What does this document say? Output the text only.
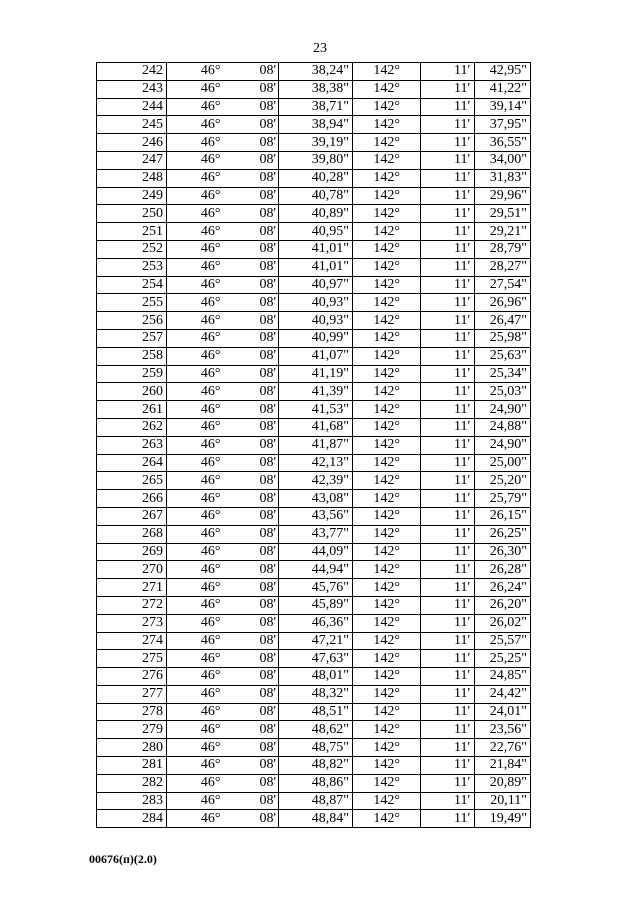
23
242	46°	08'	38,24"	142°	11'	42,95"
243	46°	08'	38,38"	142°	11'	41,22"
244	46°	08'	38,71"	142°	11'	39,14"
245	46°	08'	38,94"	142°	11'	37,95"
246	46°	08'	39,19"	142°	11'	36,55"
247	46°	08'	39,80"	142°	11'	34,00"
248	46°	08'	40,28"	142°	11'	31,83"
249	46°	08'	40,78"	142°	11'	29,96"
250	46°	08'	40,89"	142°	11'	29,51"
251	46°	08'	40,95"	142°	11'	29,21"
252	46°	08'	41,01"	142°	11'	28,79"
253	46°	08'	41,01"	142°	11'	28,27"
254	46°	08'	40,97"	142°	11'	27,54"
255	46°	08'	40,93"	142°	11'	26,96"
256	46°	08'	40,93"	142°	11'	26,47"
257	46°	08'	40,99"	142°	11'	25,98"
258	46°	08'	41,07"	142°	11'	25,63"
259	46°	08'	41,19"	142°	11'	25,34"
260	46°	08'	41,39"	142°	11'	25,03"
261	46°	08'	41,53"	142°	11'	24,90"
262	46°	08'	41,68"	142°	11'	24,88"
263	46°	08'	41,87"	142°	11'	24,90"
264	46°	08'	42,13"	142°	11'	25,00"
265	46°	08'	42,39"	142°	11'	25,20"
266	46°	08'	43,08"	142°	11'	25,79"
267	46°	08'	43,56"	142°	11'	26,15"
268	46°	08'	43,77"	142°	11'	26,25"
269	46°	08'	44,09"	142°	11'	26,30"
270	46°	08'	44,94"	142°	11'	26,28"
271	46°	08'	45,76"	142°	11'	26,24"
272	46°	08'	45,89"	142°	11'	26,20"
273	46°	08'	46,36"	142°	11'	26,02"
274	46°	08'	47,21"	142°	11'	25,57"
275	46°	08'	47,63"	142°	11'	25,25"
276	46°	08'	48,01"	142°	11'	24,85"
277	46°	08'	48,32"	142°	11'	24,42"
278	46°	08'	48,51"	142°	11'	24,01"
279	46°	08'	48,62"	142°	11'	23,56"
280	46°	08'	48,75"	142°	11'	22,76"
281	46°	08'	48,82"	142°	11'	21,84"
282	46°	08'	48,86"	142°	11'	20,89"
283	46°	08'	48,87"	142°	11'	20,11"
284	46°	08'	48,84"	142°	11'	19,49"
00676(п)(2.0)
